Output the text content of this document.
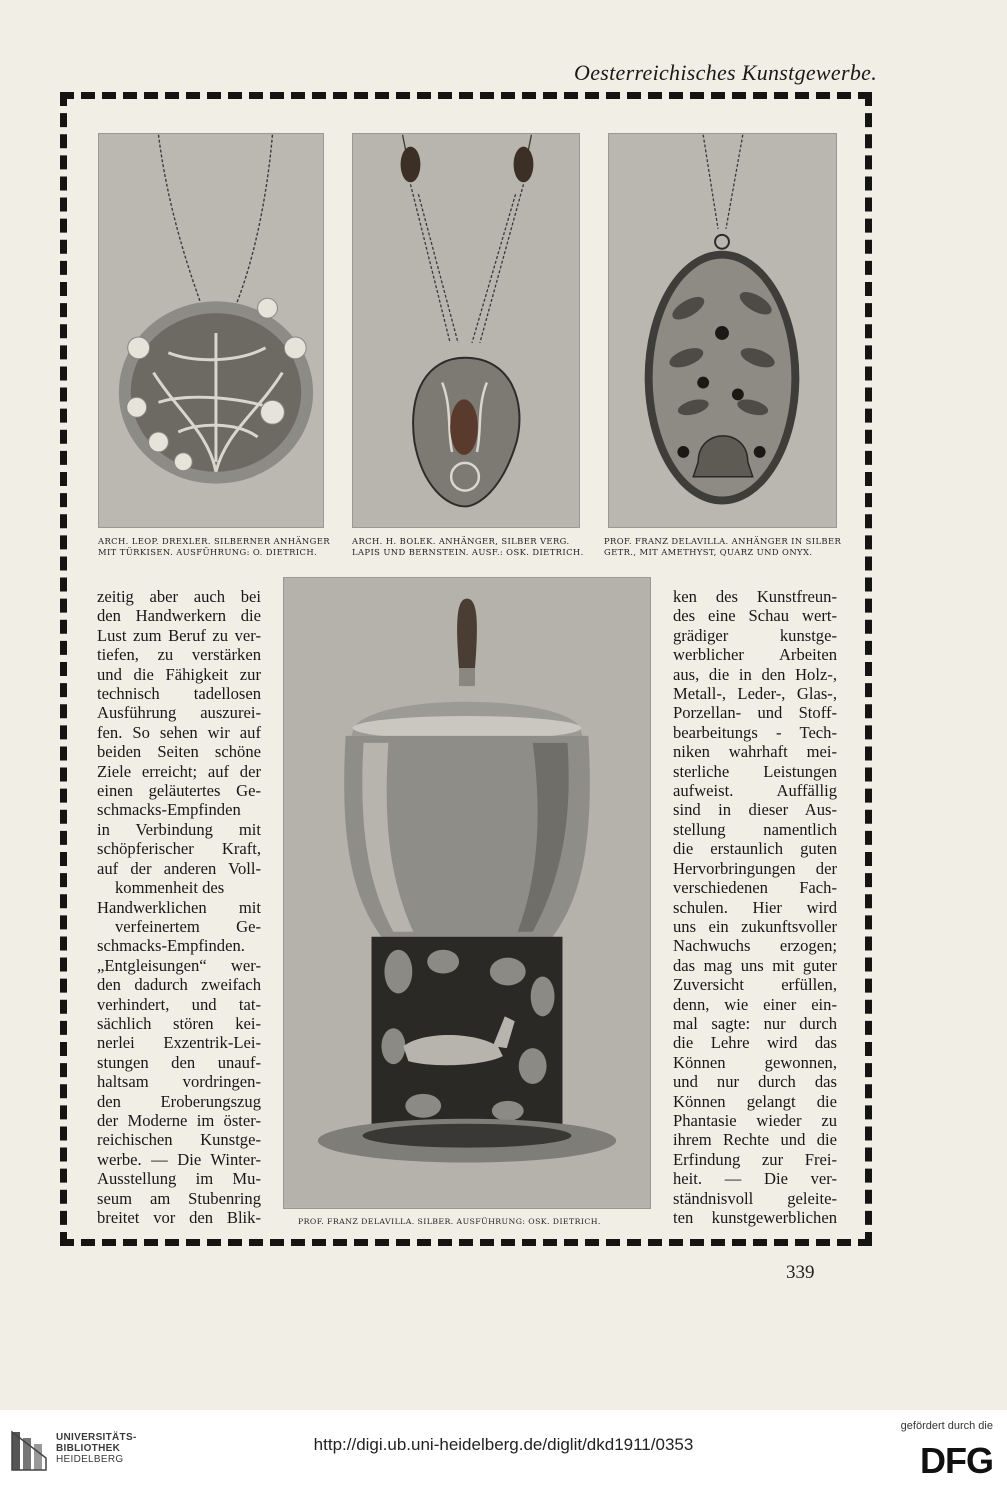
Oesterreichisches Kunstgewerbe.
ARCH. LEOP. DREXLER. SILBERNER ANHÄNGER
MIT TÜRKISEN. AUSFÜHRUNG: O. DIETRICH.
ARCH. H. BOLEK. ANHÄNGER, SILBER VERG.
LAPIS UND BERNSTEIN. AUSF.: OSK. DIETRICH.
PROF. FRANZ DELAVILLA. ANHÄNGER IN SILBER
GETR., MIT AMETHYST, QUARZ UND ONYX.
PROF. FRANZ DELAVILLA. SILBER. AUSFÜHRUNG: OSK. DIETRICH.
zeitig aber auch bei
den Handwerkern die
Lust zum Beruf zu ver-
tiefen, zu verstärken
und die Fähigkeit zur
technisch tadellosen
Ausführung auszurei-
fen. So sehen wir auf
beiden Seiten schöne
Ziele erreicht; auf der
einen geläutertes Ge-
schmacks-Empfinden
in Verbindung mit
schöpferischer Kraft,
auf der anderen Voll-
kommenheit des
Handwerklichen mit
verfeinertem Ge-
schmacks-Empfinden.
„Entgleisungen“ wer-
den dadurch zweifach
verhindert, und tat-
sächlich stören kei-
nerlei Exzentrik-Lei-
stungen den unauf-
haltsam vordringen-
den Eroberungszug
der Moderne im öster-
reichischen Kunstge-
werbe. — Die Winter-
Ausstellung im Mu-
seum am Stubenring
breitet vor den Blik-
ken des Kunstfreun-
des eine Schau wert-
grädiger kunstge-
werblicher Arbeiten
aus, die in den Holz-,
Metall-, Leder-, Glas-,
Porzellan- und Stoff-
bearbeitungs - Tech-
niken wahrhaft mei-
sterliche Leistungen
aufweist. Auffällig
sind in dieser Aus-
stellung namentlich
die erstaunlich guten
Hervorbringungen der
verschiedenen Fach-
schulen. Hier wird
uns ein zukunftsvoller
Nachwuchs erzogen;
das mag uns mit guter
Zuversicht erfüllen,
denn, wie einer ein-
mal sagte: nur durch
die Lehre wird das
Können gewonnen,
und nur durch das
Können gelangt die
Phantasie wieder zu
ihrem Rechte und die
Erfindung zur Frei-
heit. — Die ver-
ständnisvoll geleite-
ten kunstgewerblichen
339
UNIVERSITÄTS-
BIBLIOTHEK
HEIDELBERG
http://digi.ub.uni-heidelberg.de/diglit/dkd1911/0353
gefördert durch die
DFG
